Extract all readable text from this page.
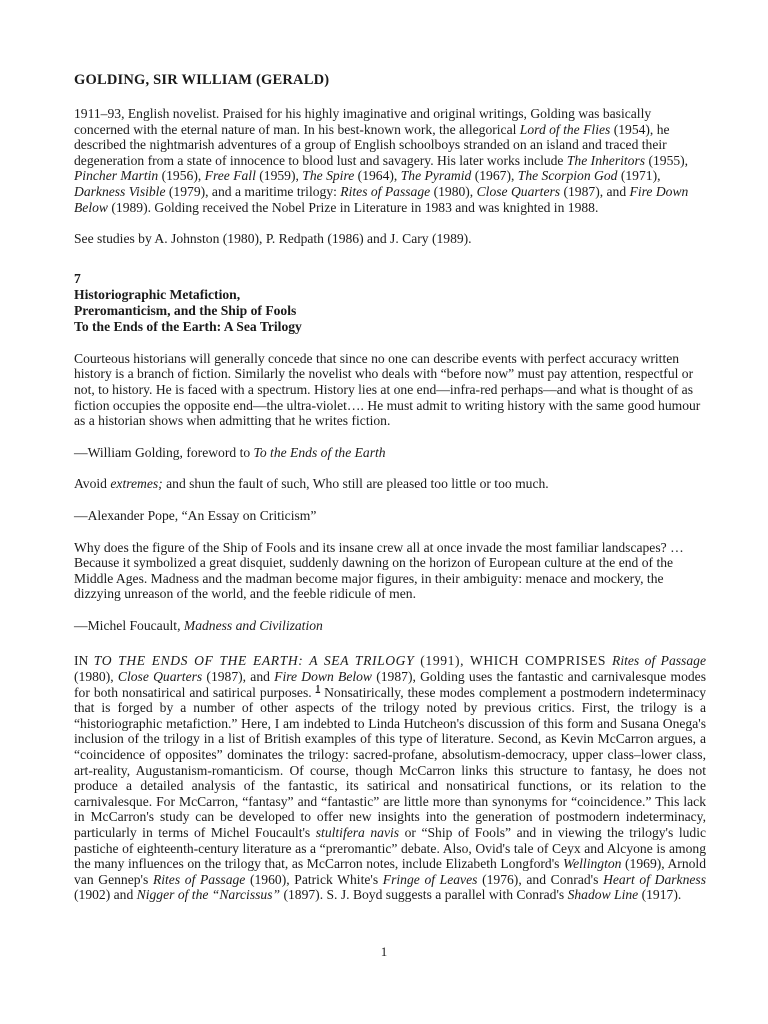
GOLDING, SIR WILLIAM (GERALD)

1911–93, English novelist. Praised for his highly imaginative and original writings, Golding was basically concerned with the eternal nature of man. In his best-known work, the allegorical Lord of the Flies (1954), he described the nightmarish adventures of a group of English schoolboys stranded on an island and traced their degeneration from a state of innocence to blood lust and savagery. His later works include The Inheritors (1955), Pincher Martin (1956), Free Fall (1959), The Spire (1964), The Pyramid (1967), The Scorpion God (1971), Darkness Visible (1979), and a maritime trilogy: Rites of Passage (1980), Close Quarters (1987), and Fire Down Below (1989). Golding received the Nobel Prize in Literature in 1983 and was knighted in 1988.

See studies by A. Johnston (1980), P. Redpath (1986) and J. Cary (1989).

7
Historiographic Metafiction,
Preromanticism, and the Ship of Fools
To the Ends of the Earth: A Sea Trilogy

Courteous historians will generally concede that since no one can describe events with perfect accuracy written history is a branch of fiction. Similarly the novelist who deals with “before now” must pay attention, respectful or not, to history. He is faced with a spectrum. History lies at one end—infra-red perhaps—and what is thought of as fiction occupies the opposite end—the ultra-violet…. He must admit to writing history with the same good humour as a historian shows when admitting that he writes fiction.

—William Golding, foreword to To the Ends of the Earth

Avoid extremes; and shun the fault of such, Who still are pleased too little or too much.

—Alexander Pope, “An Essay on Criticism”

Why does the figure of the Ship of Fools and its insane crew all at once invade the most familiar landscapes? … Because it symbolized a great disquiet, suddenly dawning on the horizon of European culture at the end of the Middle Ages. Madness and the madman become major figures, in their ambiguity: menace and mockery, the dizzying unreason of the world, and the feeble ridicule of men.

—Michel Foucault, Madness and Civilization

IN TO THE ENDS OF THE EARTH: A SEA TRILOGY (1991), WHICH COMPRISES Rites of Passage (1980), Close Quarters (1987), and Fire Down Below (1987), Golding uses the fantastic and carnivalesque modes for both nonsatirical and satirical purposes. $^1$ Nonsatirically, these modes complement a postmodern indeterminacy that is forged by a number of other aspects of the trilogy noted by previous critics. First, the trilogy is a “historiographic metafiction.” Here, I am indebted to Linda Hutcheon's discussion of this form and Susana Onega's inclusion of the trilogy in a list of British examples of this type of literature. Second, as Kevin McCarron argues, a “coincidence of opposites” dominates the trilogy: sacred-profane, absolutism-democracy, upper class–lower class, art-reality, Augustanism-romanticism. Of course, though McCarron links this structure to fantasy, he does not produce a detailed analysis of the fantastic, its satirical and nonsatirical functions, or its relation to the carnivalesque. For McCarron, “fantasy” and “fantastic” are little more than synonyms for “coincidence.” This lack in McCarron's study can be developed to offer new insights into the generation of postmodern indeterminacy, particularly in terms of Michel Foucault's stultifera navis or “Ship of Fools” and in viewing the trilogy's ludic pastiche of eighteenth-century literature as a “preromantic” debate. Also, Ovid's tale of Ceyx and Alcyone is among the many influences on the trilogy that, as McCarron notes, include Elizabeth Longford's Wellington (1969), Arnold van Gennep's Rites of Passage (1960), Patrick White's Fringe of Leaves (1976), and Conrad's Heart of Darkness (1902) and Nigger of the “Narcissus” (1897). S. J. Boyd suggests a parallel with Conrad's Shadow Line (1917).

1
